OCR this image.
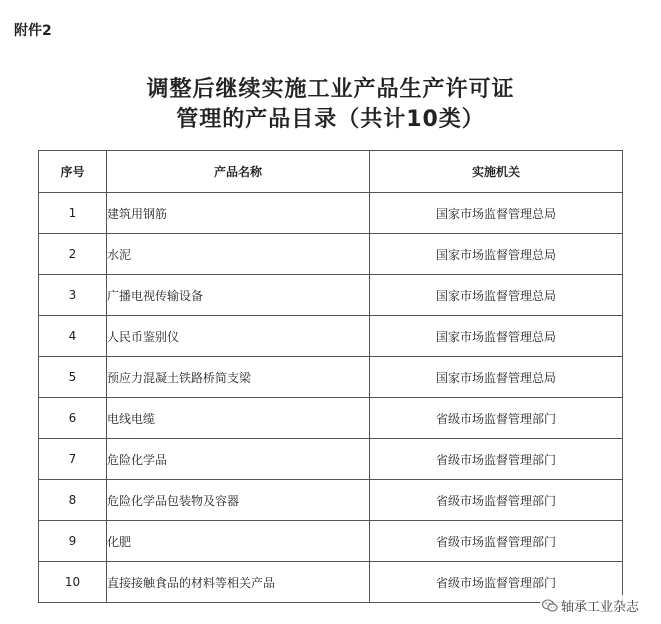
附件2
调整后继续实施工业产品生产许可证
管理的产品目录（共计10类）
序号	产品名称	实施机关
1	建筑用钢筋	国家市场监督管理总局
2	水泥	国家市场监督管理总局
3	广播电视传输设备	国家市场监督管理总局
4	人民币鉴别仪	国家市场监督管理总局
5	预应力混凝土铁路桥简支梁	国家市场监督管理总局
6	电线电缆	省级市场监督管理部门
7	危险化学品	省级市场监督管理部门
8	危险化学品包装物及容器	省级市场监督管理部门
9	化肥	省级市场监督管理部门
10	直接接触食品的材料等相关产品	省级市场监督管理部门
轴承工业杂志
